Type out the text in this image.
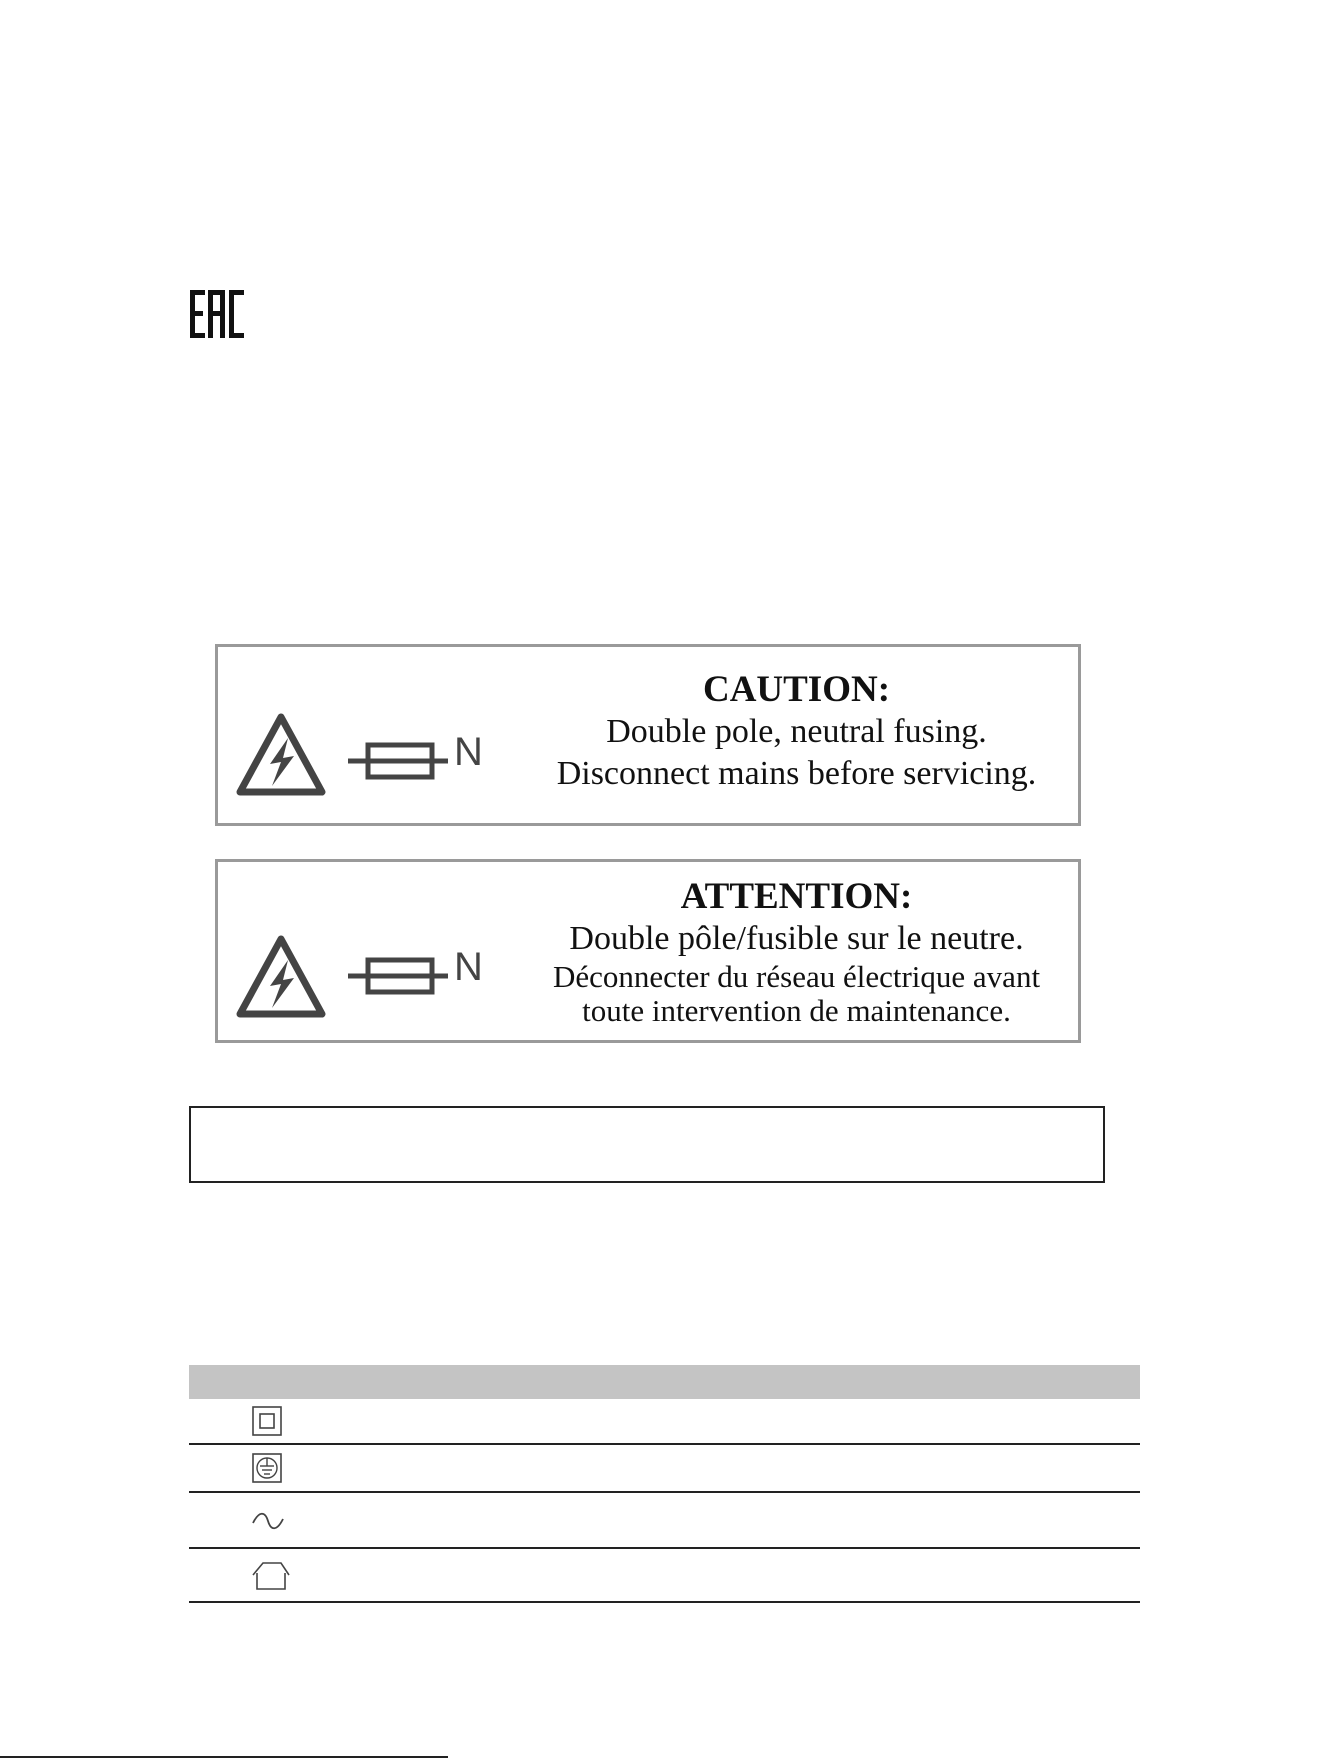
N
CAUTION:
Double pole, neutral fusing.
Disconnect mains before servicing.
N
ATTENTION:
Double pôle/fusible sur le neutre.
Déconnecter du réseau électrique avant
toute intervention de maintenance.
